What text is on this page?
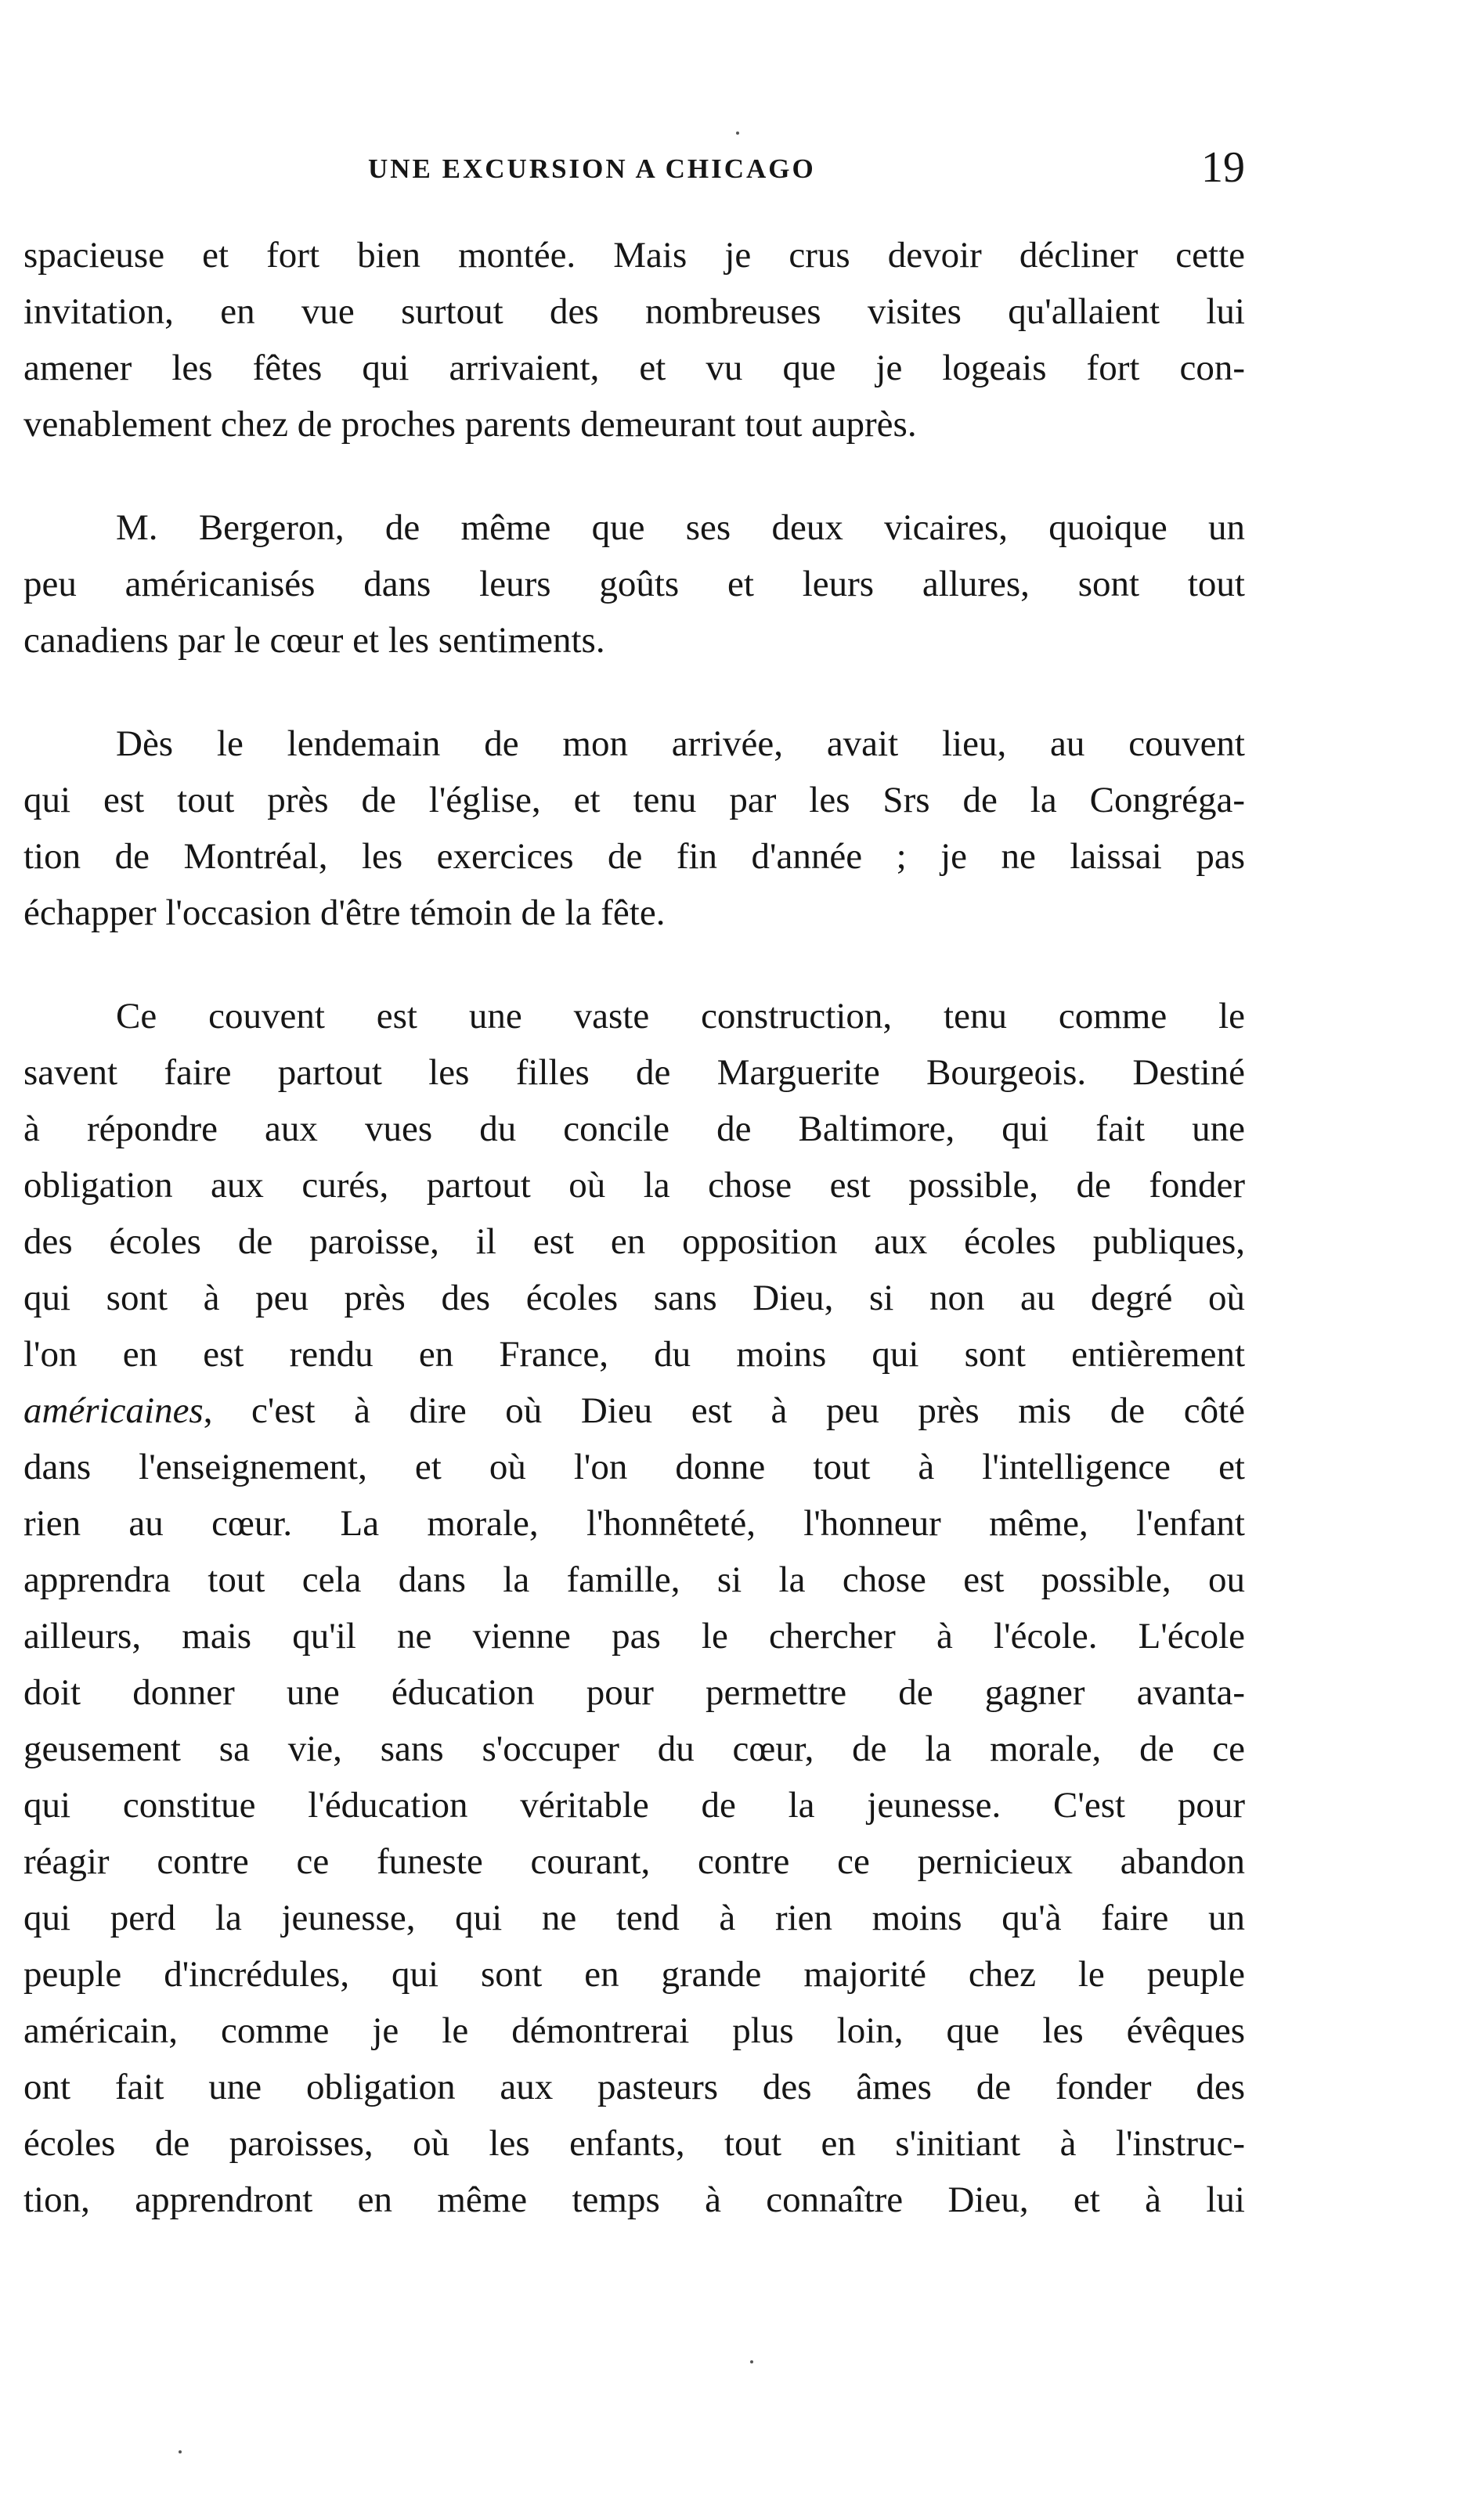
UNE EXCURSION A CHICAGO	19
spacieuse et fort bien montée. Mais je crus devoir décliner cette
invitation, en vue surtout des nombreuses visites qu'allaient lui
amener les fêtes qui arrivaient, et vu que je logeais fort con-
venablement chez de proches parents demeurant tout auprès.
M. Bergeron, de même que ses deux vicaires, quoique un
peu américanisés dans leurs goûts et leurs allures, sont tout
canadiens par le cœur et les sentiments.
Dès le lendemain de mon arrivée, avait lieu, au couvent
qui est tout près de l'église, et tenu par les Srs de la Congréga-
tion de Montréal, les exercices de fin d'année ; je ne laissai pas
échapper l'occasion d'être témoin de la fête.
Ce couvent est une vaste construction, tenu comme le
savent faire partout les filles de Marguerite Bourgeois. Destiné
à répondre aux vues du concile de Baltimore, qui fait une
obligation aux curés, partout où la chose est possible, de fonder
des écoles de paroisse, il est en opposition aux écoles publiques,
qui sont à peu près des écoles sans Dieu, si non au degré où
l'on en est rendu en France, du moins qui sont entièrement
américaines, c'est à dire où Dieu est à peu près mis de côté
dans l'enseignement, et où l'on donne tout à l'intelligence et
rien au cœur. La morale, l'honnêteté, l'honneur même, l'enfant
apprendra tout cela dans la famille, si la chose est possible, ou
ailleurs, mais qu'il ne vienne pas le chercher à l'école. L'école
doit donner une éducation pour permettre de gagner avanta-
geusement sa vie, sans s'occuper du cœur, de la morale, de ce
qui constitue l'éducation véritable de la jeunesse. C'est pour
réagir contre ce funeste courant, contre ce pernicieux abandon
qui perd la jeunesse, qui ne tend à rien moins qu'à faire un
peuple d'incrédules, qui sont en grande majorité chez le peuple
américain, comme je le démontrerai plus loin, que les évêques
ont fait une obligation aux pasteurs des âmes de fonder des
écoles de paroisses, où les enfants, tout en s'initiant à l'instruc-
tion, apprendront en même temps à connaître Dieu, et à lui
